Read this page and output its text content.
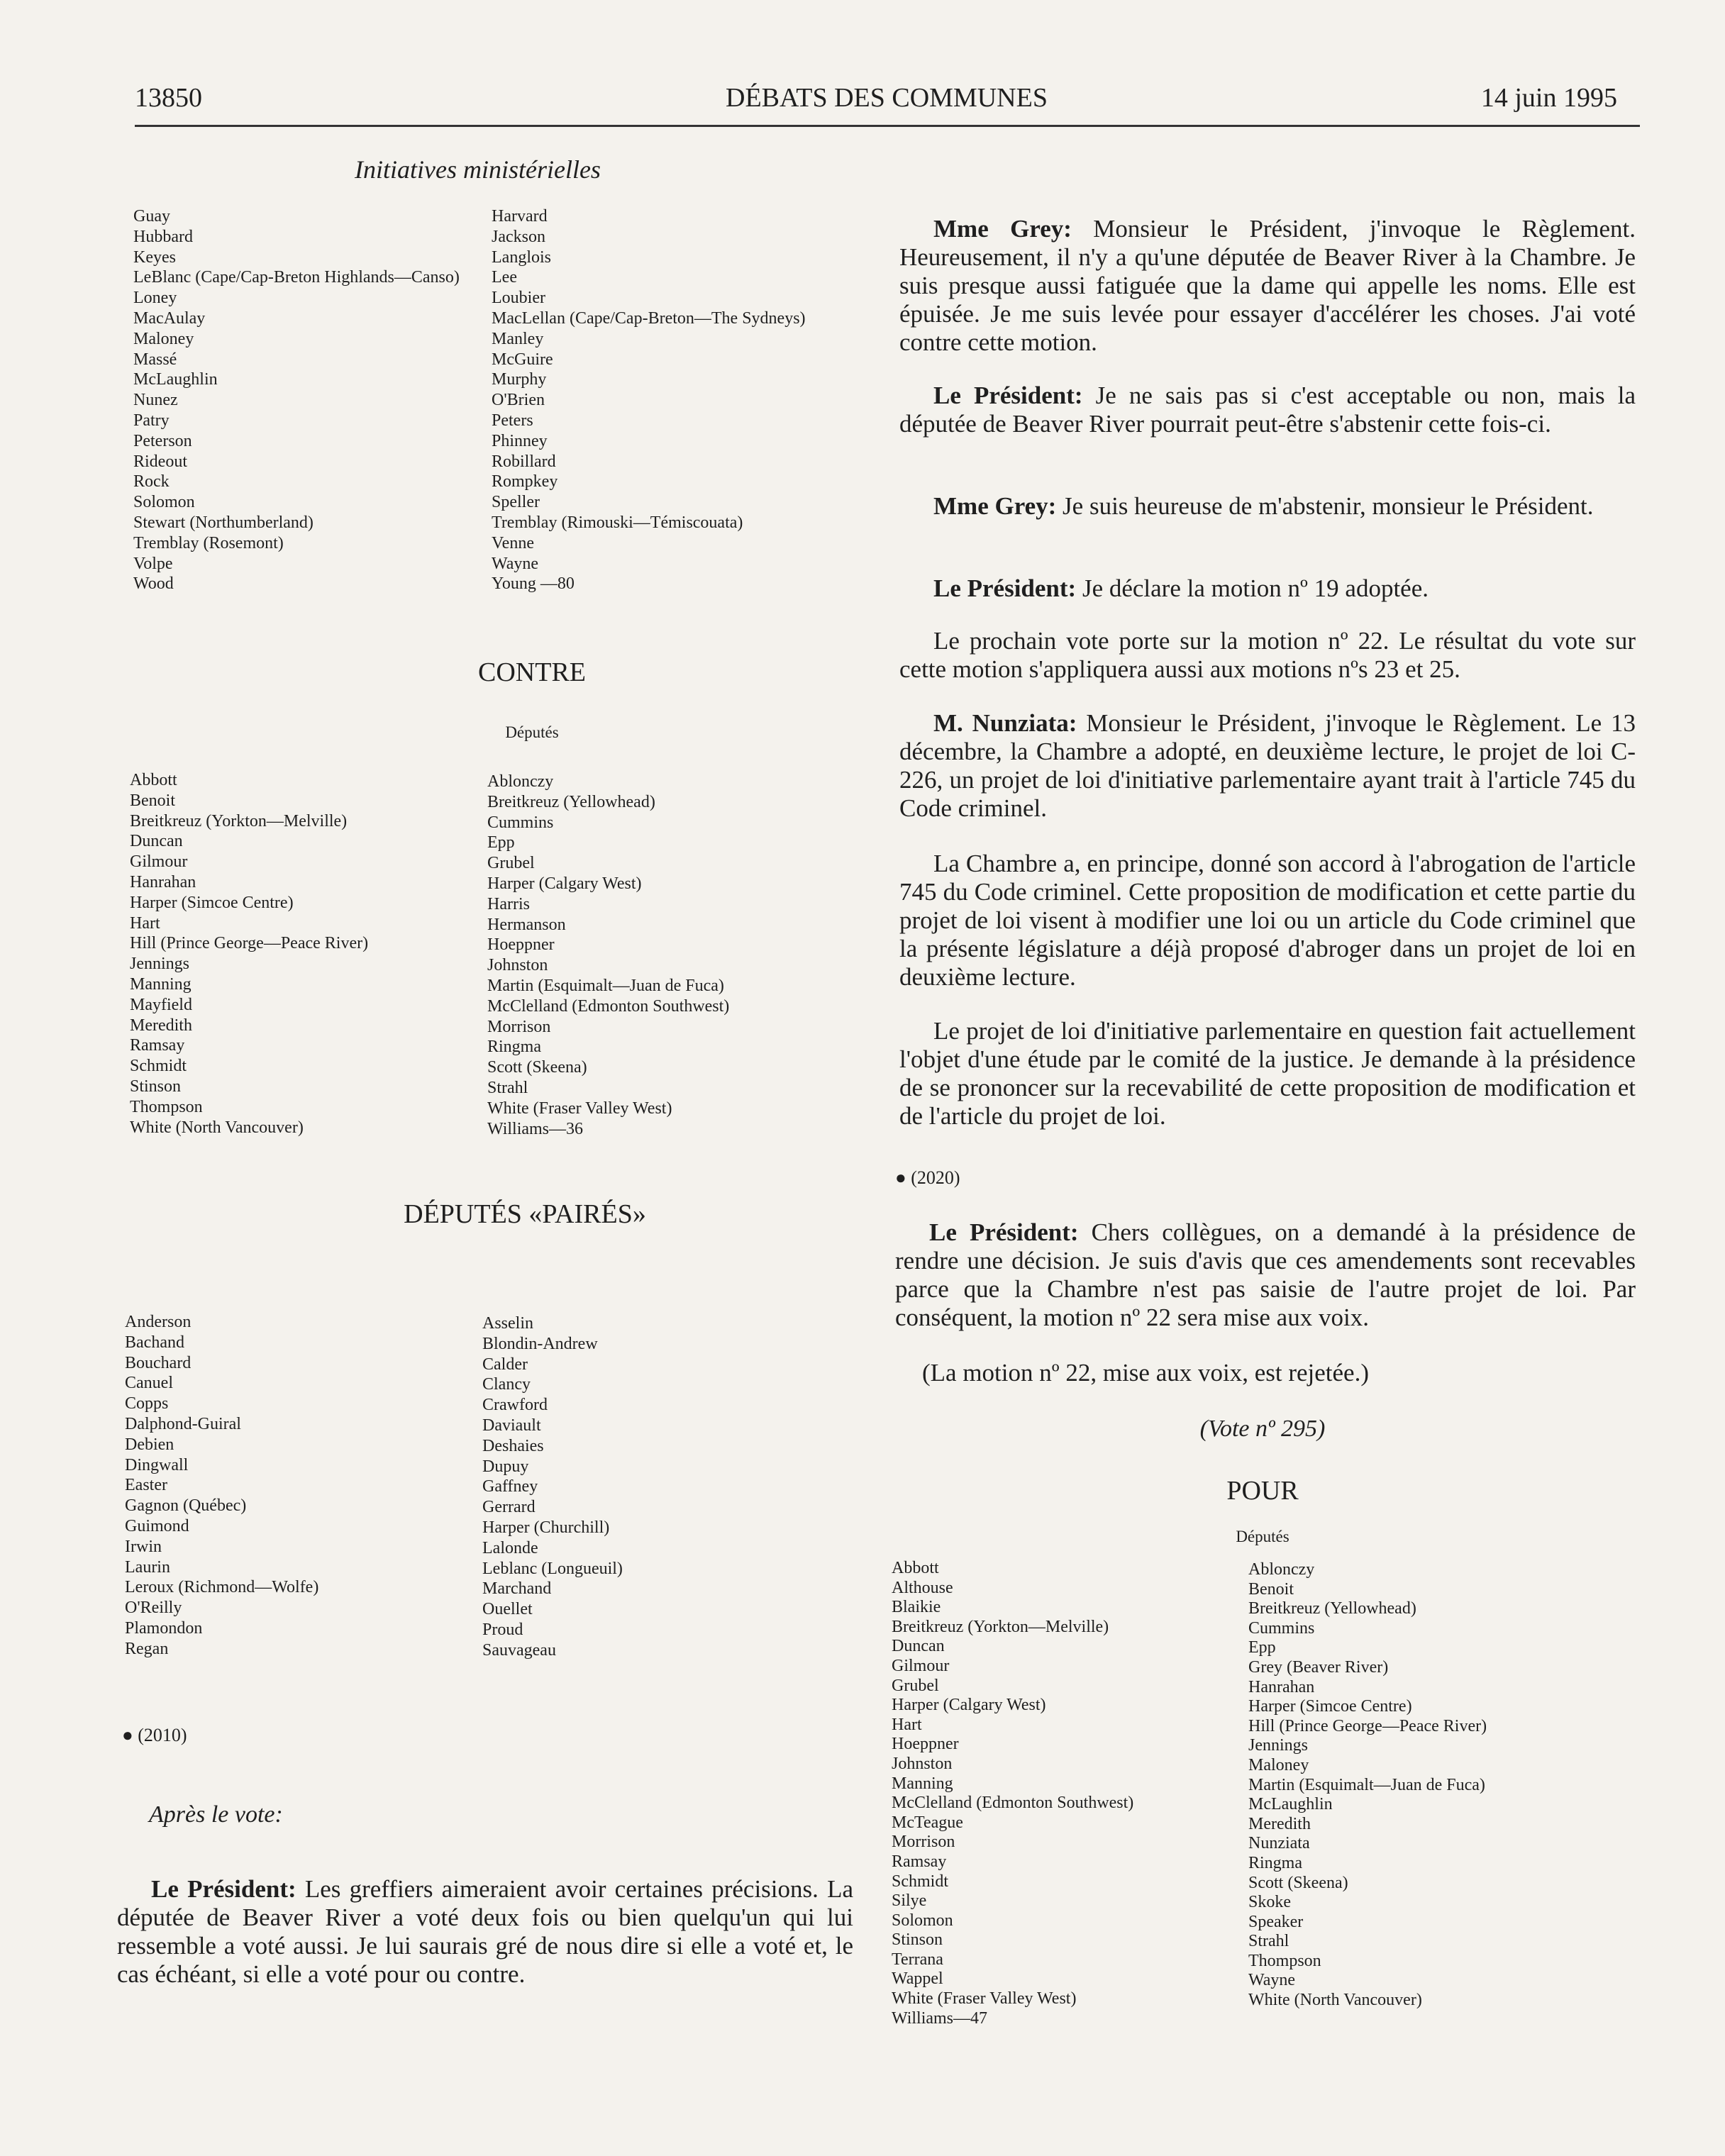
13850	DÉBATS DES COMMUNES	14 juin 1995
Initiatives ministérielles
Guay
Hubbard
Keyes
LeBlanc (Cape/Cap-Breton Highlands—Canso)
Loney
MacAulay
Maloney
Massé
McLaughlin
Nunez
Patry
Peterson
Rideout
Rock
Solomon
Stewart (Northumberland)
Tremblay (Rosemont)
Volpe
Wood
Harvard
Jackson
Langlois
Lee
Loubier
MacLellan (Cape/Cap-Breton—The Sydneys)
Manley
McGuire
Murphy
O'Brien
Peters
Phinney
Robillard
Rompkey
Speller
Tremblay (Rimouski—Témiscouata)
Venne
Wayne
Young —80
CONTRE
Députés
Abbott
Benoit
Breitkreuz (Yorkton—Melville)
Duncan
Gilmour
Hanrahan
Harper (Simcoe Centre)
Hart
Hill (Prince George—Peace River)
Jennings
Manning
Mayfield
Meredith
Ramsay
Schmidt
Stinson
Thompson
White (North Vancouver)
Ablonczy
Breitkreuz (Yellowhead)
Cummins
Epp
Grubel
Harper (Calgary West)
Harris
Hermanson
Hoeppner
Johnston
Martin (Esquimalt—Juan de Fuca)
McClelland (Edmonton Southwest)
Morrison
Ringma
Scott (Skeena)
Strahl
White (Fraser Valley West)
Williams—36
DÉPUTÉS «PAIRÉS»
Anderson
Bachand
Bouchard
Canuel
Copps
Dalphond-Guiral
Debien
Dingwall
Easter
Gagnon (Québec)
Guimond
Irwin
Laurin
Leroux (Richmond—Wolfe)
O'Reilly
Plamondon
Regan
Asselin
Blondin-Andrew
Calder
Clancy
Crawford
Daviault
Deshaies
Dupuy
Gaffney
Gerrard
Harper (Churchill)
Lalonde
Leblanc (Longueuil)
Marchand
Ouellet
Proud
Sauvageau
● (2010)
Après le vote:
Le Président: Les greffiers aimeraient avoir certaines précisions. La députée de Beaver River a voté deux fois ou bien quelqu'un qui lui ressemble a voté aussi. Je lui saurais gré de nous dire si elle a voté et, le cas échéant, si elle a voté pour ou contre.
Mme Grey: Monsieur le Président, j'invoque le Règlement. Heureusement, il n'y a qu'une députée de Beaver River à la Chambre. Je suis presque aussi fatiguée que la dame qui appelle les noms. Elle est épuisée. Je me suis levée pour essayer d'accélérer les choses. J'ai voté contre cette motion.
Le Président: Je ne sais pas si c'est acceptable ou non, mais la députée de Beaver River pourrait peut-être s'abstenir cette fois-ci.
Mme Grey: Je suis heureuse de m'abstenir, monsieur le Président.
Le Président: Je déclare la motion nº 19 adoptée.
Le prochain vote porte sur la motion nº 22. Le résultat du vote sur cette motion s'appliquera aussi aux motions nºs 23 et 25.
M. Nunziata: Monsieur le Président, j'invoque le Règlement. Le 13 décembre, la Chambre a adopté, en deuxième lecture, le projet de loi C-226, un projet de loi d'initiative parlementaire ayant trait à l'article 745 du Code criminel.
La Chambre a, en principe, donné son accord à l'abrogation de l'article 745 du Code criminel. Cette proposition de modification et cette partie du projet de loi visent à modifier une loi ou un article du Code criminel que la présente législature a déjà proposé d'abroger dans un projet de loi en deuxième lecture.
Le projet de loi d'initiative parlementaire en question fait actuellement l'objet d'une étude par le comité de la justice. Je demande à la présidence de se prononcer sur la recevabilité de cette proposition de modification et de l'article du projet de loi.
● (2020)
Le Président: Chers collègues, on a demandé à la présidence de rendre une décision. Je suis d'avis que ces amendements sont recevables parce que la Chambre n'est pas saisie de l'autre projet de loi. Par conséquent, la motion nº 22 sera mise aux voix.
(La motion nº 22, mise aux voix, est rejetée.)
(Vote nº 295)
POUR
Députés
Abbott
Althouse
Blaikie
Breitkreuz (Yorkton—Melville)
Duncan
Gilmour
Grubel
Harper (Calgary West)
Hart
Hoeppner
Johnston
Manning
McClelland (Edmonton Southwest)
McTeague
Morrison
Ramsay
Schmidt
Silye
Solomon
Stinson
Terrana
Wappel
White (Fraser Valley West)
Williams—47
Ablonczy
Benoit
Breitkreuz (Yellowhead)
Cummins
Epp
Grey (Beaver River)
Hanrahan
Harper (Simcoe Centre)
Hill (Prince George—Peace River)
Jennings
Maloney
Martin (Esquimalt—Juan de Fuca)
McLaughlin
Meredith
Nunziata
Ringma
Scott (Skeena)
Skoke
Speaker
Strahl
Thompson
Wayne
White (North Vancouver)
